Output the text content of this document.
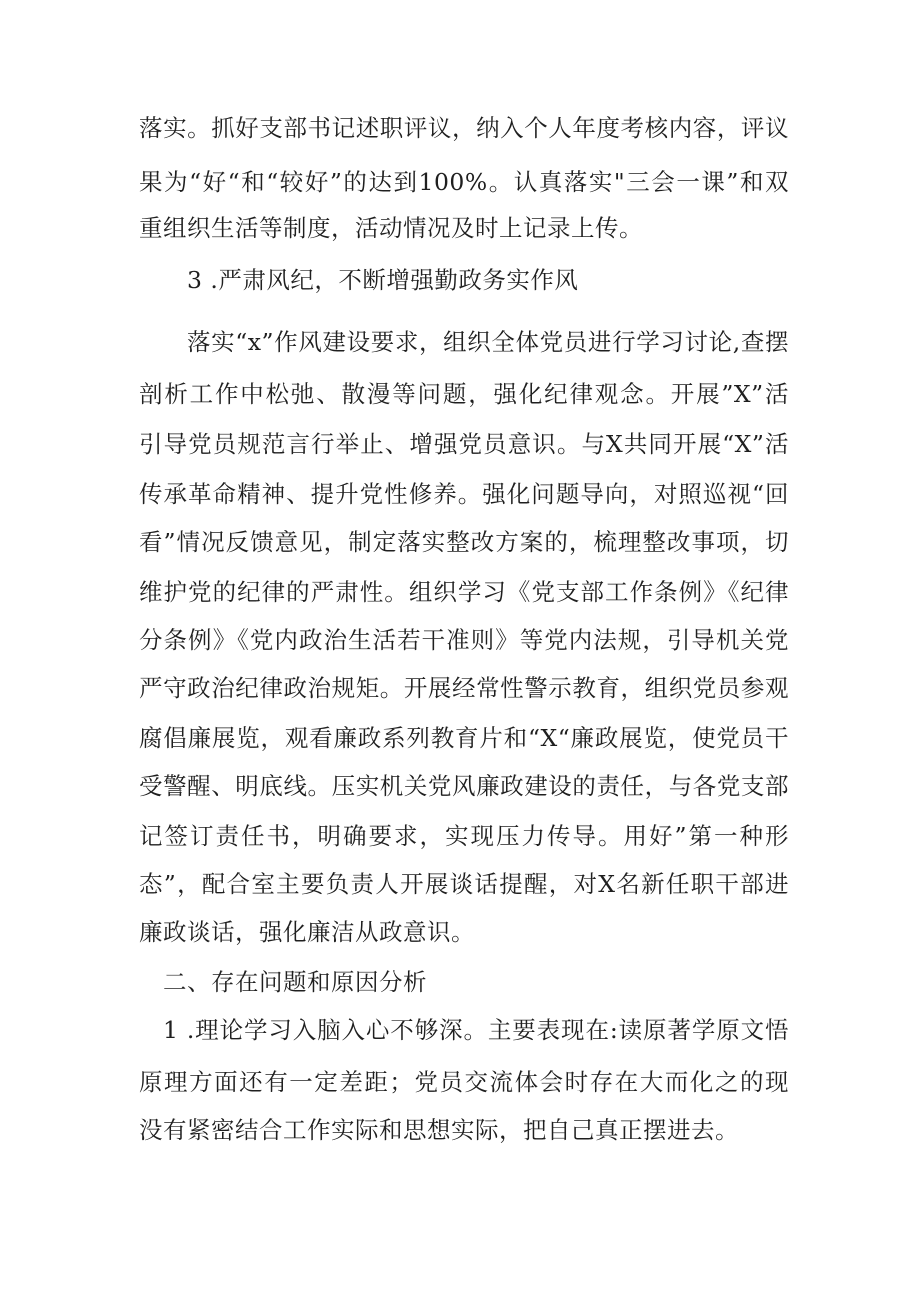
落实。抓好支部书记述职评议，纳入个人年度考核内容，评议
果为“好“和“较好”的达到100%。认真落实"三会一课”和双
重组织生活等制度，活动情况及时上记录上传。
3 .严肃风纪，不断增强勤政务实作风
落实“x”作风建设要求，组织全体党员进行学习讨论,查摆
剖析工作中松弛、散漫等问题，强化纪律观念。开展”X”活
引导党员规范言行举止、增强党员意识。与X共同开展“X”活
传承革命精神、提升党性修养。强化问题导向，对照巡视“回
看”情况反馈意见，制定落实整改方案的，梳理整改事项，切
维护党的纪律的严肃性。组织学习《党支部工作条例》《纪律
分条例》《党内政治生活若干准则》等党内法规，引导机关党
严守政治纪律政治规矩。开展经常性警示教育，组织党员参观
腐倡廉展览，观看廉政系列教育片和“X“廉政展览，使党员干
受警醒、明底线。压实机关党风廉政建设的责任，与各党支部
记签订责任书，明确要求，实现压力传导。用好”第一种形
态”，配合室主要负责人开展谈话提醒，对X名新任职干部进
廉政谈话，强化廉洁从政意识。
二、存在问题和原因分析
1 .理论学习入脑入心不够深。主要表现在:读原著学原文悟
原理方面还有一定差距；党员交流体会时存在大而化之的现
没有紧密结合工作实际和思想实际，把自己真正摆进去。
